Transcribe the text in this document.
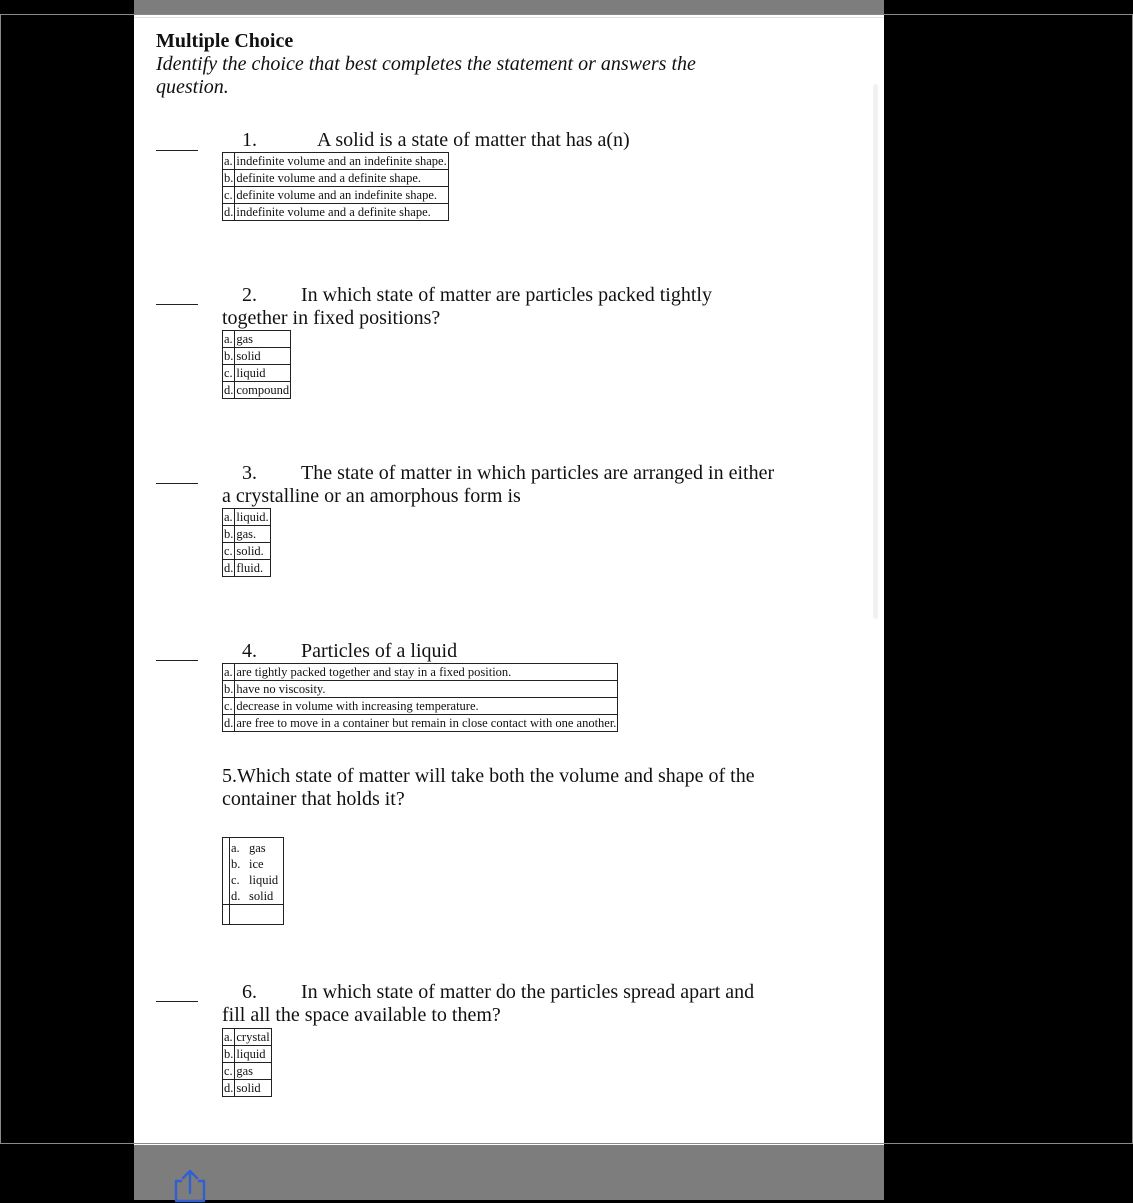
Multiple Choice
Identify the choice that best completes the statement or answers the question.
1.	A solid is a state of matter that has a(n)
a.	indefinite volume and an indefinite shape.
b.	definite volume and a definite shape.
c.	definite volume and an indefinite shape.
d.	indefinite volume and a definite shape.
2. In which state of matter are particles packed tightly
together in fixed positions?
a.	gas
b.	solid
c.	liquid
d.	compound
3. The state of matter in which particles are arranged in either
a crystalline or an amorphous form is
a.	liquid.
b.	gas.
c.	solid.
d.	fluid.
4. Particles of a liquid
a.	are tightly packed together and stay in a fixed position.
b.	have no viscosity.
c.	decrease in volume with increasing temperature.
d.	are free to move in a container but remain in close contact with one another.
5.Which state of matter will take both the volume and shape of the
container that holds it?
a. gas
b. ice
c. liquid
d. solid
6. In which state of matter do the particles spread apart and
fill all the space available to them?
a.	crystal
b.	liquid
c.	gas
d.	solid
